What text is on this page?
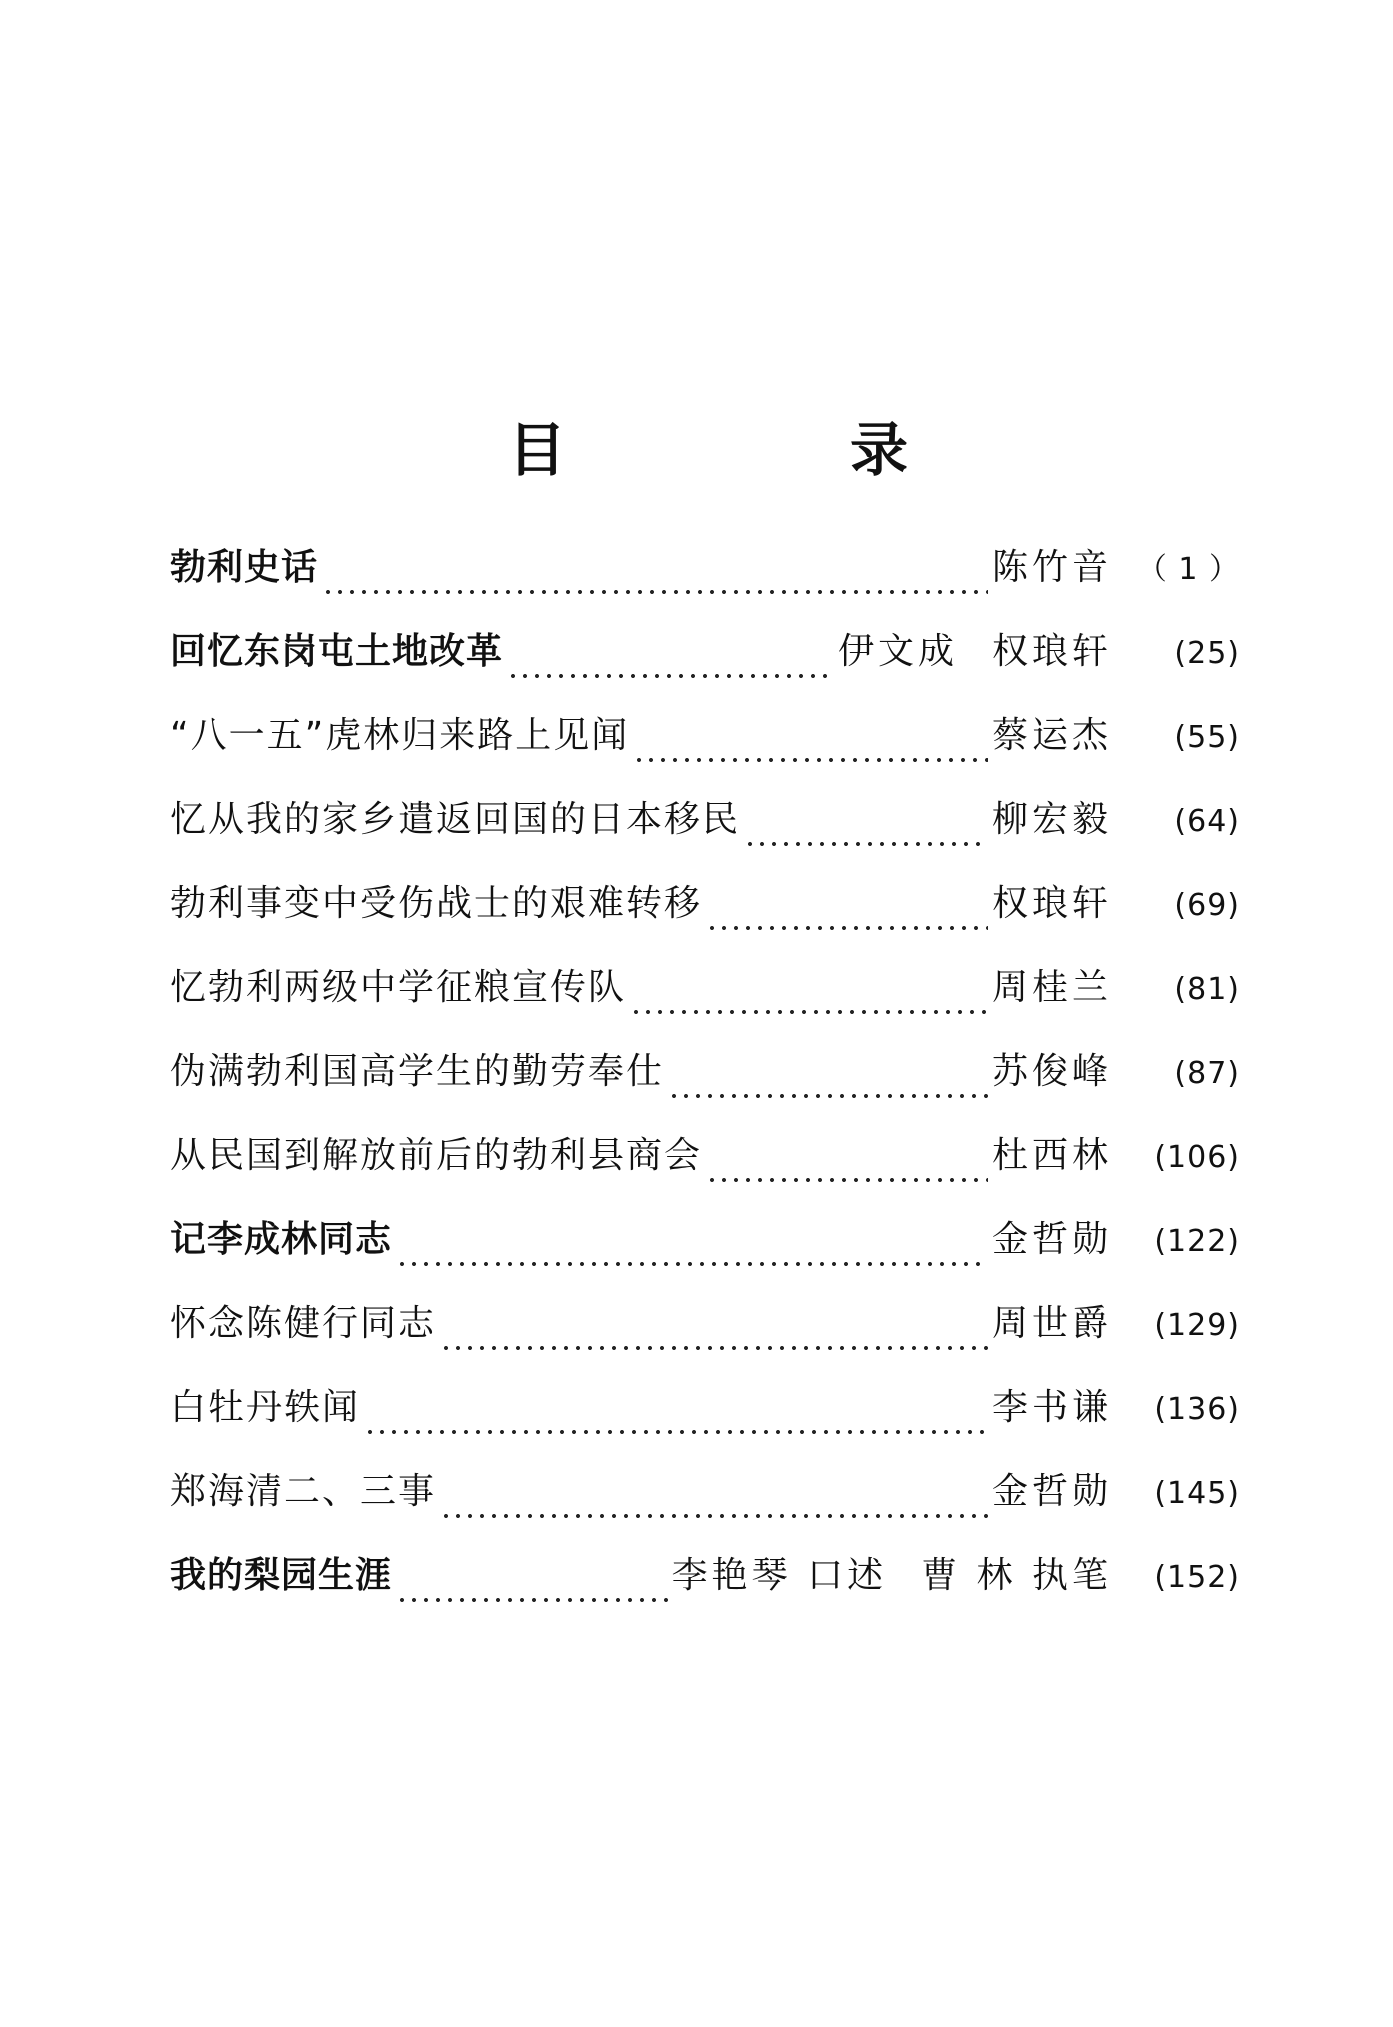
目	录
勃利史话	陈竹音 （ 1 ）
回忆东岗屯土地改革	伊文成 权琅轩	(25)
“八一五”虎林归来路上见闻	蔡运杰	(55)
忆从我的家乡遣返回国的日本移民	柳宏毅	(64)
勃利事变中受伤战士的艰难转移	权琅轩	(69)
忆勃利两级中学征粮宣传队	周桂兰	(81)
伪满勃利国高学生的勤劳奉仕	苏俊峰	(87)
从民国到解放前后的勃利县商会	杜西林	(106)
记李成林同志	金哲勋	(122)
怀念陈健行同志	周世爵	(129)
白牡丹轶闻	李书谦	(136)
郑海清二、三事	金哲勋	(145)
我的梨园生涯	李艳琴 口述 曹 林 执笔	(152)
